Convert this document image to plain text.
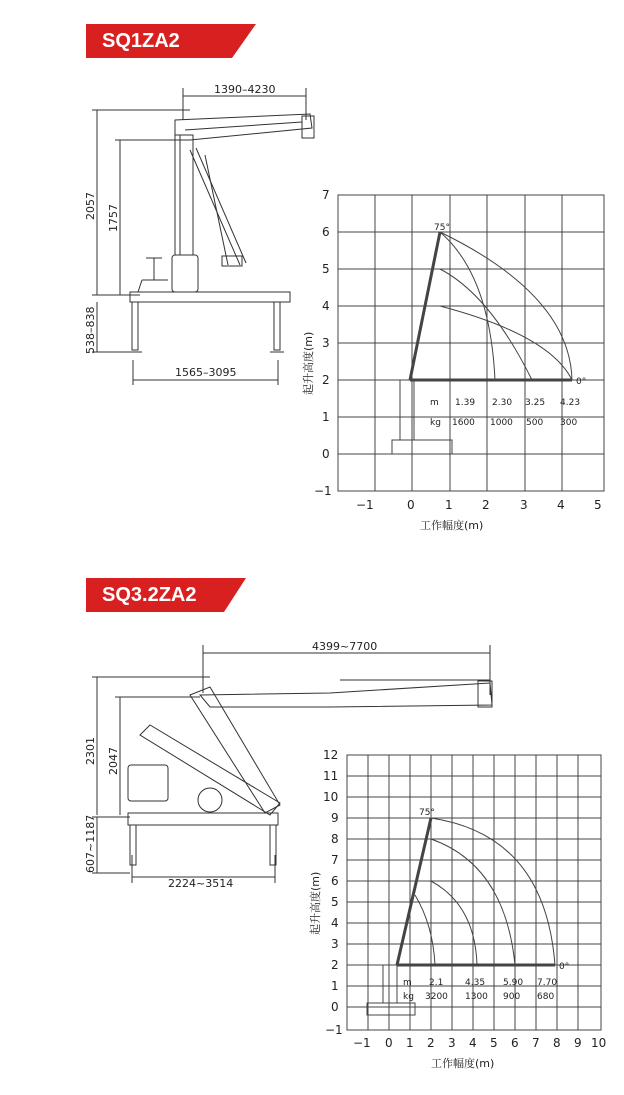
SQ1ZA2
1390–4230
2057 1757
538–838
1565–3095
7
6
5
4
3
2
1
0
−1
−1	0	1 2	3 4 5
工作幅度(m)
起升高度(m)
75°
0°
m
kg
1.39 2.30 3.25 4.23
1600 1000 500 300
SQ3.2ZA2
4399~7700
2301 2047
607~1187
2224~3514
12
11
10
9
8
7
6
5
4
3
2
1
0
−1
−1 0 1 2 3 4 5 6 7 8 9 10
工作幅度(m)
起升高度(m)
75°
0°
m
kg
2.1 4.35 5.90 7.70
3200 1300 900 680
